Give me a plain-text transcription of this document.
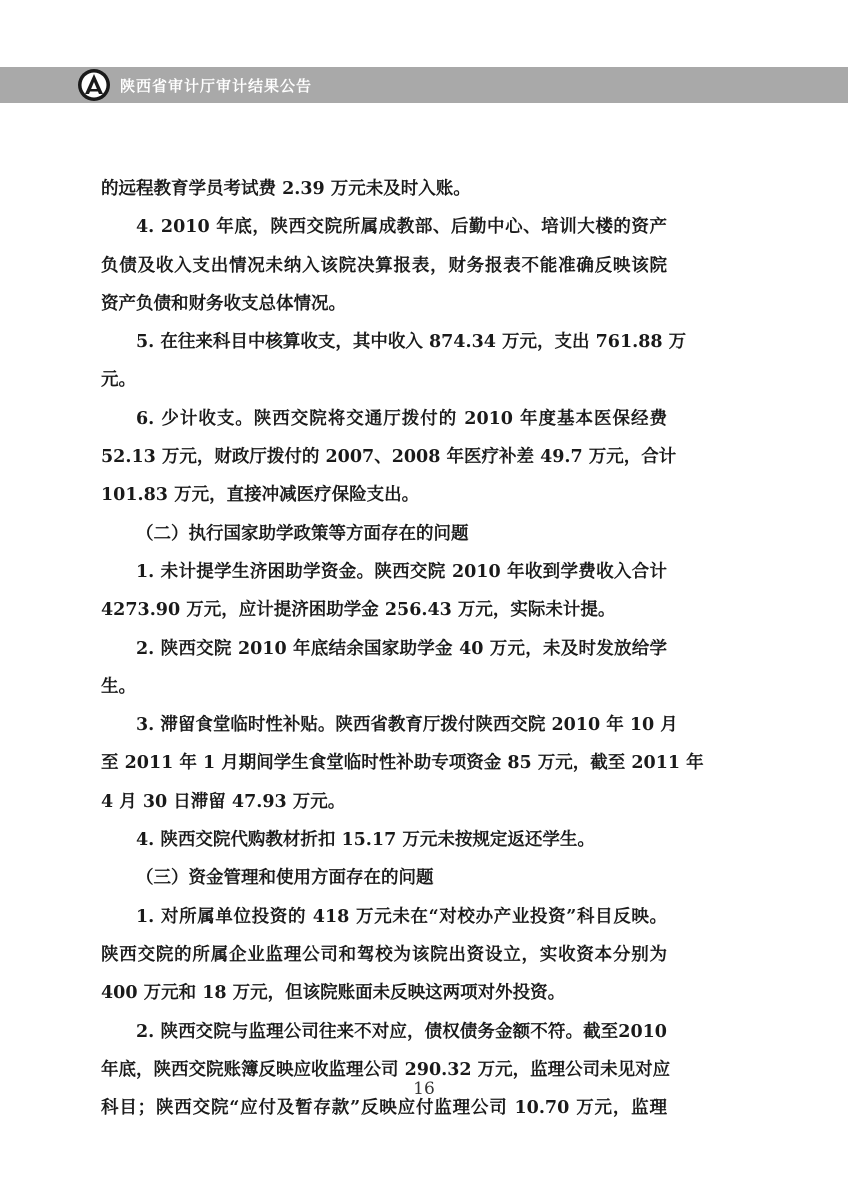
陕西省审计厅审计结果公告
的远程教育学员考试费 2.39 万元未及时入账。
4. 2010 年底，陕西交院所属成教部、后勤中心、培训大楼的资产
负债及收入支出情况未纳入该院决算报表，财务报表不能准确反映该院
资产负债和财务收支总体情况。
5. 在往来科目中核算收支，其中收入 874.34 万元，支出 761.88 万
元。
6. 少计收支。陕西交院将交通厅拨付的 2010 年度基本医保经费
52.13 万元，财政厅拨付的 2007、2008 年医疗补差 49.7 万元，合计
101.83 万元，直接冲减医疗保险支出。
（二）执行国家助学政策等方面存在的问题
1. 未计提学生济困助学资金。陕西交院 2010 年收到学费收入合计
4273.90 万元，应计提济困助学金 256.43 万元，实际未计提。
2. 陕西交院 2010 年底结余国家助学金 40 万元，未及时发放给学
生。
3. 滞留食堂临时性补贴。陕西省教育厅拨付陕西交院 2010 年 10 月
至 2011 年 1 月期间学生食堂临时性补助专项资金 85 万元，截至 2011 年
4 月 30 日滞留 47.93 万元。
4. 陕西交院代购教材折扣 15.17 万元未按规定返还学生。
（三）资金管理和使用方面存在的问题
1. 对所属单位投资的 418 万元未在“对校办产业投资”科目反映。
陕西交院的所属企业监理公司和驾校为该院出资设立，实收资本分别为
400 万元和 18 万元，但该院账面未反映这两项对外投资。
2. 陕西交院与监理公司往来不对应，债权债务金额不符。截至2010
年底，陕西交院账簿反映应收监理公司 290.32 万元，监理公司未见对应
科目；陕西交院“应付及暂存款”反映应付监理公司 10.70 万元，监理
16
